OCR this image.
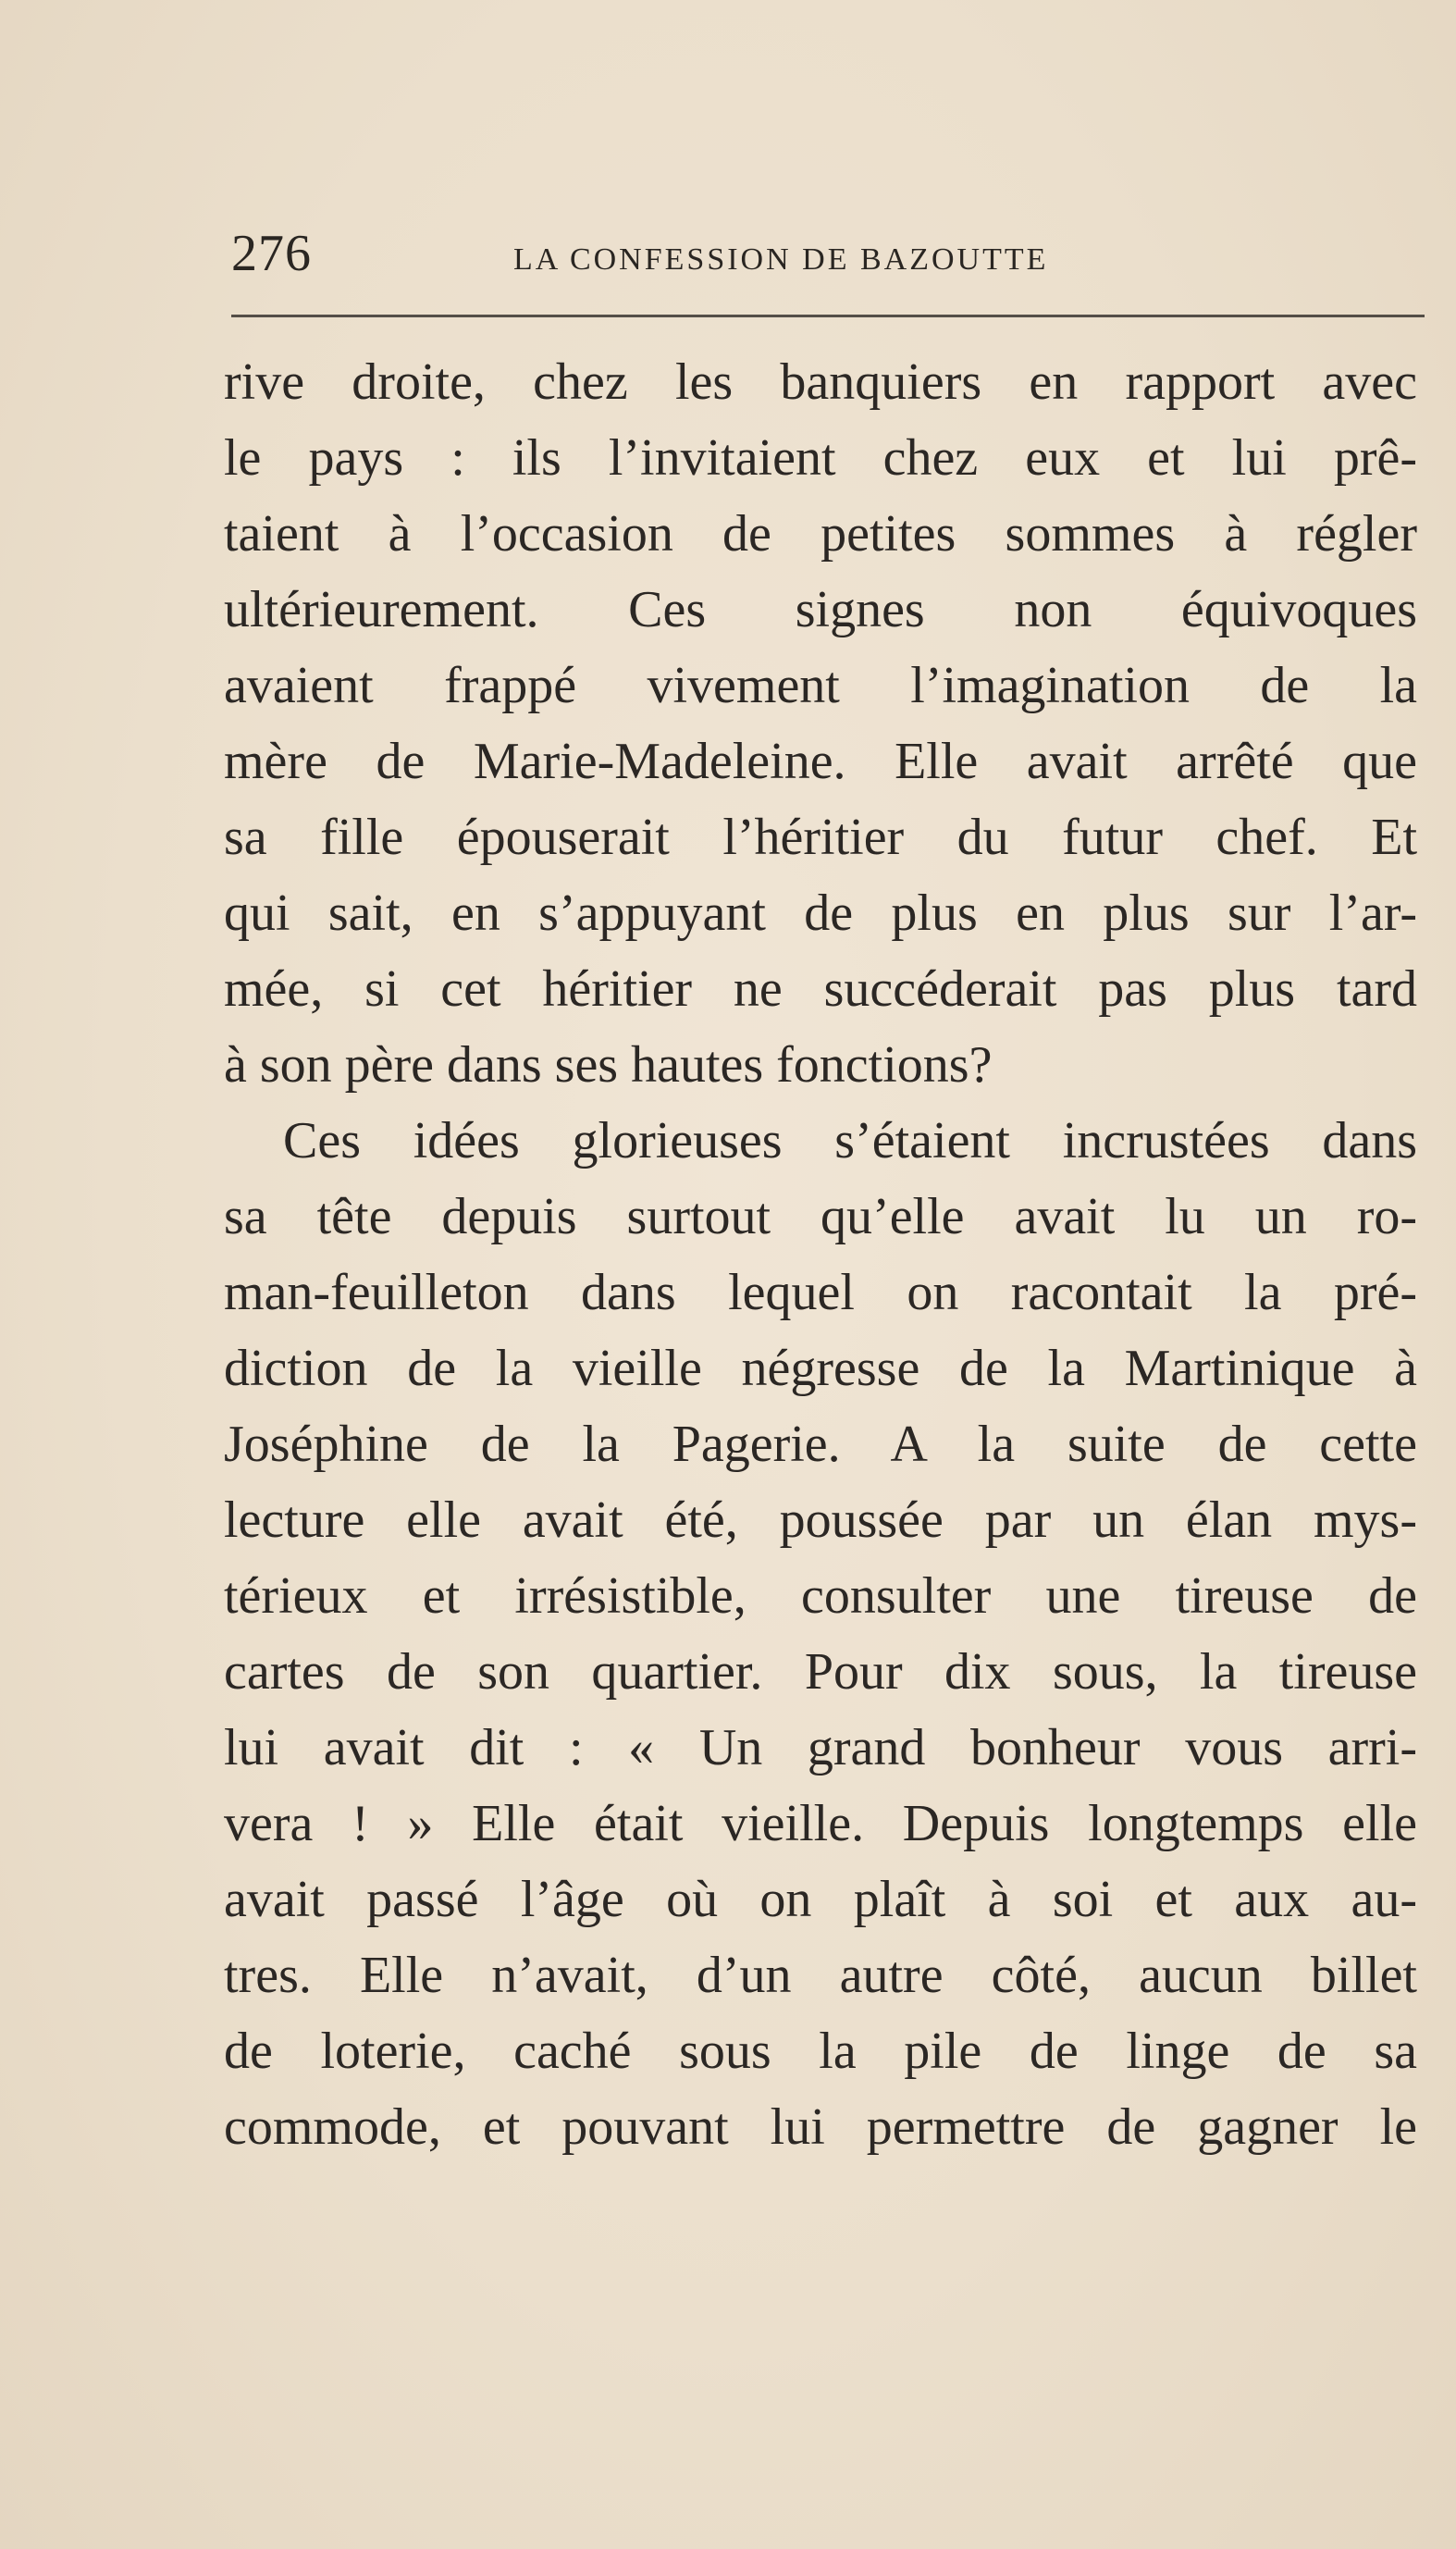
276	LA CONFESSION DE BAZOUTTE
rive droite, chez les banquiers en rapport avec
le pays : ils l’invitaient chez eux et lui prê-
taient à l’occasion de petites sommes à régler
ultérieurement. Ces signes non équivoques
avaient frappé vivement l’imagination de la
mère de Marie-Madeleine. Elle avait arrêté que
sa fille épouserait l’héritier du futur chef. Et
qui sait, en s’appuyant de plus en plus sur l’ar-
mée, si cet héritier ne succéderait pas plus tard
à son père dans ses hautes fonctions?
Ces idées glorieuses s’étaient incrustées dans
sa tête depuis surtout qu’elle avait lu un ro-
man-feuilleton dans lequel on racontait la pré-
diction de la vieille négresse de la Martinique à
Joséphine de la Pagerie. A la suite de cette
lecture elle avait été, poussée par un élan mys-
térieux et irrésistible, consulter une tireuse de
cartes de son quartier. Pour dix sous, la tireuse
lui avait dit : « Un grand bonheur vous arri-
vera ! » Elle était vieille. Depuis longtemps elle
avait passé l’âge où on plaît à soi et aux au-
tres. Elle n’avait, d’un autre côté, aucun billet
de loterie, caché sous la pile de linge de sa
commode, et pouvant lui permettre de gagner le
